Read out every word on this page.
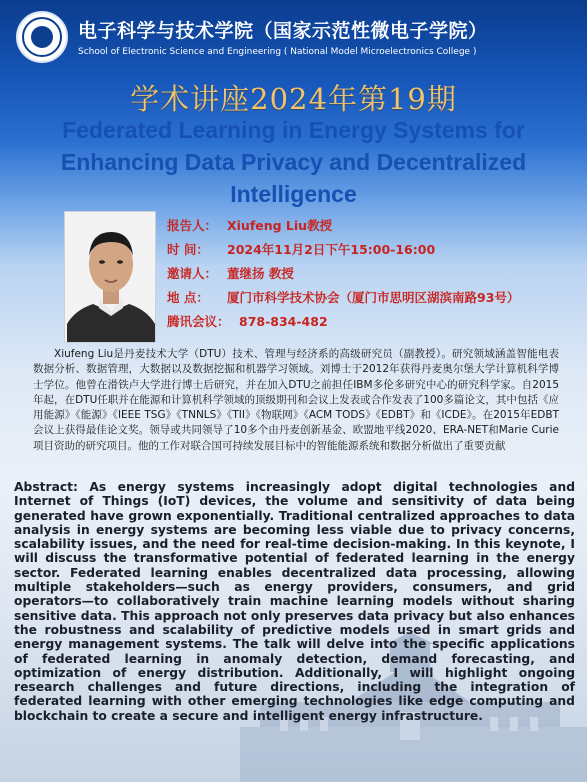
电子科学与技术学院（国家示范性微电子学院）
School of Electronic Science and Engineering ( National Model Microelectronics College )
学术讲座2024年第19期
Federated Learning in Energy Systems for
Enhancing Data Privacy and Decentralized
Intelligence
报告人： Xiufeng Liu教授
时 间： 2024年11月2日下午15:00-16:00
邀请人： 董继扬 教授
地 点： 厦门市科学技术协会（厦门市思明区湖滨南路93号）
腾讯会议： 878-834-482
Xiufeng Liu是丹麦技术大学（DTU）技术、管理与经济系的高级研究员（副教授）。研究领域涵盖智能电表数据分析、数据管理，大数据以及数据挖掘和机器学习领域。刘博士于2012年获得丹麦奥尔堡大学计算机科学博士学位。他曾在滑铁卢大学进行博士后研究，并在加入DTU之前担任IBM多伦多研究中心的研究科学家。自2015年起，在DTU任职并在能源和计算机科学领域的顶级期刊和会议上发表或合作发表了100多篇论文，其中包括《应用能源》《能源》《IEEE TSG》《TNNLS》《TII》《物联网》《ACM TODS》《EDBT》和《ICDE》。在2015年EDBT会议上获得最佳论文奖。领导或共同领导了10多个由丹麦创新基金、欧盟地平线2020、ERA-NET和Marie Curie项目资助的研究项目。他的工作对联合国可持续发展目标中的智能能源系统和数据分析做出了重要贡献
Abstract: As energy systems increasingly adopt digital technologies and Internet of Things (IoT) devices, the volume and sensitivity of data being generated have grown exponentially. Traditional centralized approaches to data analysis in energy systems are becoming less viable due to privacy concerns, scalability issues, and the need for real-time decision-making. In this keynote, I will discuss the transformative potential of federated learning in the energy sector. Federated learning enables decentralized data processing, allowing multiple stakeholders—such as energy providers, consumers, and grid operators—to collaboratively train machine learning models without sharing sensitive data. This approach not only preserves data privacy but also enhances the robustness and scalability of predictive models used in smart grids and energy management systems. The talk will delve into the specific applications of federated learning in anomaly detection, demand forecasting, and optimization of energy distribution. Additionally, I will highlight ongoing research challenges and future directions, including the integration of federated learning with other emerging technologies like edge computing and blockchain to create a secure and intelligent energy infrastructure.
